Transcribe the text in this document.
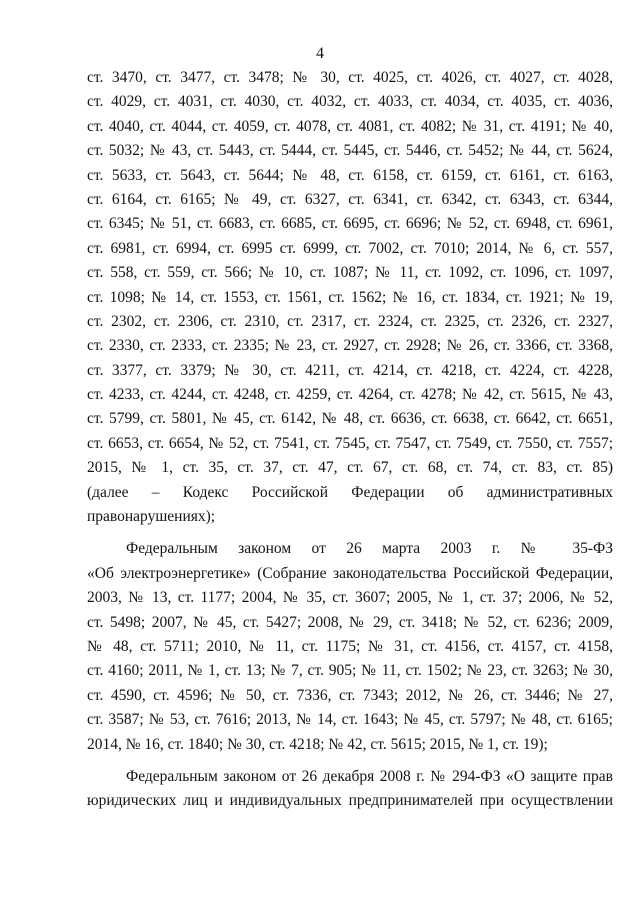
4
ст. 3470, ст. 3477, ст. 3478; № 30, ст. 4025, ст. 4026, ст. 4027, ст. 4028,
ст. 4029, ст. 4031, ст. 4030, ст. 4032, ст. 4033, ст. 4034, ст. 4035, ст. 4036,
ст. 4040, ст. 4044, ст. 4059, ст. 4078, ст. 4081, ст. 4082; № 31, ст. 4191; № 40,
ст. 5032; № 43, ст. 5443, ст. 5444, ст. 5445, ст. 5446, ст. 5452; № 44, ст. 5624,
ст. 5633, ст. 5643, ст. 5644; № 48, ст. 6158, ст. 6159, ст. 6161, ст. 6163,
ст. 6164, ст. 6165; № 49, ст. 6327, ст. 6341, ст. 6342, ст. 6343, ст. 6344,
ст. 6345; № 51, ст. 6683, ст. 6685, ст. 6695, ст. 6696; № 52, ст. 6948, ст. 6961,
ст. 6981, ст. 6994, ст. 6995 ст. 6999, ст. 7002, ст. 7010; 2014, № 6, ст. 557,
ст. 558, ст. 559, ст. 566; № 10, ст. 1087; № 11, ст. 1092, ст. 1096, ст. 1097,
ст. 1098; № 14, ст. 1553, ст. 1561, ст. 1562; № 16, ст. 1834, ст. 1921; № 19,
ст. 2302, ст. 2306, ст. 2310, ст. 2317, ст. 2324, ст. 2325, ст. 2326, ст. 2327,
ст. 2330, ст. 2333, ст. 2335; № 23, ст. 2927, ст. 2928; № 26, ст. 3366, ст. 3368,
ст. 3377, ст. 3379; № 30, ст. 4211, ст. 4214, ст. 4218, ст. 4224, ст. 4228,
ст. 4233, ст. 4244, ст. 4248, ст. 4259, ст. 4264, ст. 4278; № 42, ст. 5615, № 43,
ст. 5799, ст. 5801, № 45, ст. 6142, № 48, ст. 6636, ст. 6638, ст. 6642, ст. 6651,
ст. 6653, ст. 6654, № 52, ст. 7541, ст. 7545, ст. 7547, ст. 7549, ст. 7550, ст. 7557;
2015, № 1, ст. 35, ст. 37, ст. 47, ст. 67, ст. 68, ст. 74, ст. 83, ст. 85)
(далее – Кодекс Российской Федерации об административных
правонарушениях);
Федеральным законом от 26 марта 2003 г. № 35-ФЗ
«Об электроэнергетике» (Собрание законодательства Российской Федерации,
2003, № 13, ст. 1177; 2004, № 35, ст. 3607; 2005, № 1, ст. 37; 2006, № 52,
ст. 5498; 2007, № 45, ст. 5427; 2008, № 29, ст. 3418; № 52, ст. 6236; 2009,
№ 48, ст. 5711; 2010, № 11, ст. 1175; № 31, ст. 4156, ст. 4157, ст. 4158,
ст. 4160; 2011, № 1, ст. 13; № 7, ст. 905; № 11, ст. 1502; № 23, ст. 3263; № 30,
ст. 4590, ст. 4596; № 50, ст. 7336, ст. 7343; 2012, № 26, ст. 3446; № 27,
ст. 3587; № 53, ст. 7616; 2013, № 14, ст. 1643; № 45, ст. 5797; № 48, ст. 6165;
2014, № 16, ст. 1840; № 30, ст. 4218; № 42, ст. 5615; 2015, № 1, ст. 19);
Федеральным законом от 26 декабря 2008 г. № 294-ФЗ «О защите прав
юридических лиц и индивидуальных предпринимателей при осуществлении
